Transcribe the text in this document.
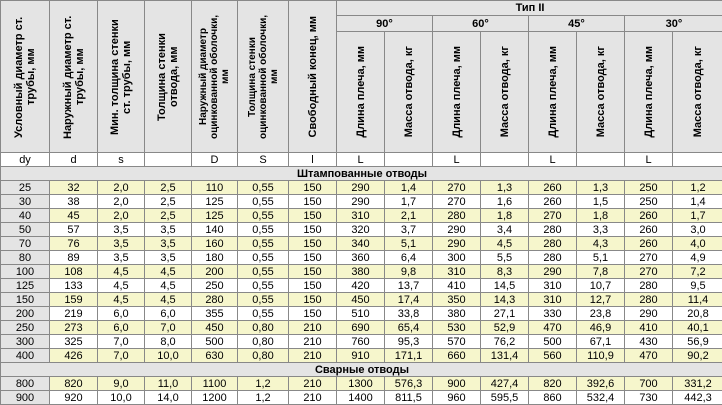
Условный диаметр ст. трубы, мм	Наружный диаметр ст. трубы, мм	Мин. толщина стенки ст. трубы, мм	Толщина стенки отвода, мм	Наружный диаметр оцинкованной оболочки, мм	Толщина стенки оцинкованной оболочки, мм	Свободный конец, мм	Тип II							
							90°		60°		45°		30°	

							Длина плеча, мм	Масса отвода, кг	Длина плеча, мм	Масса отвода, кг	Длина плеча, мм	Масса отвода, кг	Длина плеча, мм	Масса отвода, кг

dy	d	s		D	S	l	L		L		L		L	
Штампованные отводы														
25	32	2,0	2,5	110	0,55	150	290	1,4	270	1,3	260	1,3	250	1,2
30	38	2,0	2,5	125	0,55	150	290	1,7	270	1,6	260	1,5	250	1,4
40	45	2,0	2,5	125	0,55	150	310	2,1	280	1,8	270	1,8	260	1,7
50	57	3,5	3,5	140	0,55	150	320	3,7	290	3,4	280	3,3	260	3,0
70	76	3,5	3,5	160	0,55	150	340	5,1	290	4,5	280	4,3	260	4,0
80	89	3,5	3,5	180	0,55	150	360	6,4	300	5,5	280	5,1	270	4,9
100	108	4,5	4,5	200	0,55	150	380	9,8	310	8,3	290	7,8	270	7,2
125	133	4,5	4,5	250	0,55	150	420	13,7	410	14,5	310	10,7	280	9,5
150	159	4,5	4,5	280	0,55	150	450	17,4	350	14,3	310	12,7	280	11,4
200	219	6,0	6,0	355	0,55	150	510	33,8	380	27,1	330	23,8	290	20,8
250	273	6,0	7,0	450	0,80	210	690	65,4	530	52,9	470	46,9	410	40,1
300	325	7,0	8,0	500	0,80	210	760	95,3	570	76,2	500	67,1	430	56,9
400	426	7,0	10,0	630	0,80	210	910	171,1	660	131,4	560	110,9	470	90,2
Сварные отводы														
800	820	9,0	11,0	1100	1,2	210	1300	576,3	900	427,4	820	392,6	700	331,2
900	920	10,0	14,0	1200	1,2	210	1400	811,5	960	595,5	860	532,4	730	442,3
